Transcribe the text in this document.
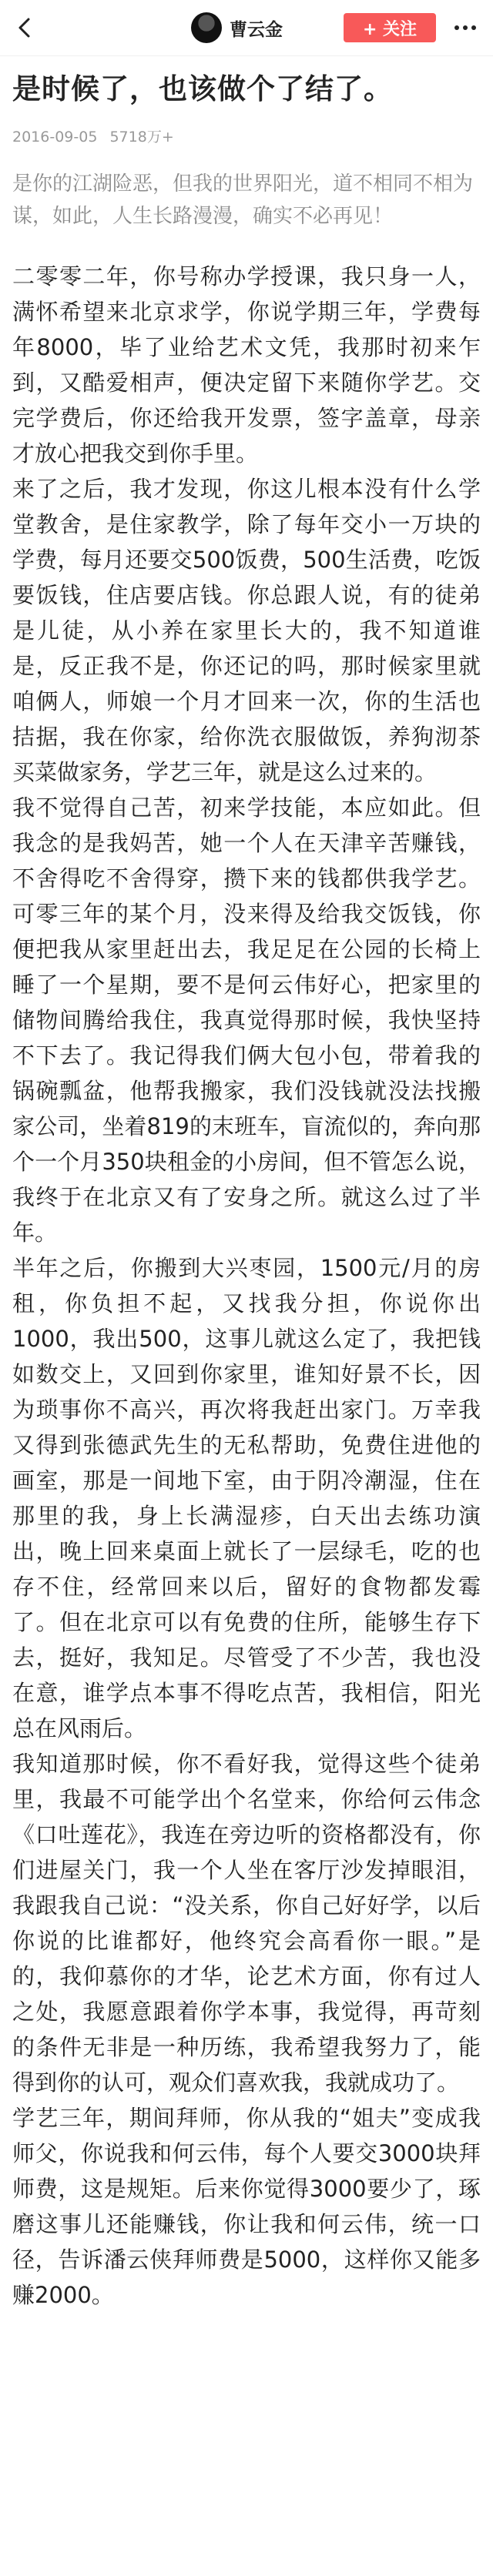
曹云金	+ 关注
是时候了，也该做个了结了。
2016-09-05 5718万+
是你的江湖险恶，但我的世界阳光，道不相同不相为谋，如此，人生长路漫漫，确实不必再见！

二零零二年，你号称办学授课，我只身一人，满怀希望来北京求学，你说学期三年，学费每年8000，毕了业给艺术文凭，我那时初来乍到，又酷爱相声，便决定留下来随你学艺。交完学费后，你还给我开发票，签字盖章，母亲才放心把我交到你手里。

来了之后，我才发现，你这儿根本没有什么学堂教舍，是住家教学，除了每年交小一万块的学费，每月还要交500饭费，500生活费，吃饭要饭钱，住店要店钱。你总跟人说，有的徒弟是儿徒，从小养在家里长大的，我不知道谁是，反正我不是，你还记的吗，那时候家里就咱俩人，师娘一个月才回来一次，你的生活也拮据，我在你家，给你洗衣服做饭，养狗沏茶买菜做家务，学艺三年，就是这么过来的。

我不觉得自己苦，初来学技能，本应如此。但我念的是我妈苦，她一个人在天津辛苦赚钱，不舍得吃不舍得穿，攒下来的钱都供我学艺。可零三年的某个月，没来得及给我交饭钱，你便把我从家里赶出去，我足足在公园的长椅上睡了一个星期，要不是何云伟好心，把家里的储物间腾给我住，我真觉得那时候，我快坚持不下去了。我记得我们俩大包小包，带着我的锅碗瓢盆，他帮我搬家，我们没钱就没法找搬家公司，坐着819的末班车，盲流似的，奔向那个一个月350块租金的小房间，但不管怎么说，我终于在北京又有了安身之所。就这么过了半年。

半年之后，你搬到大兴枣园，1500元/月的房租，你负担不起，又找我分担，你说你出1000，我出500，这事儿就这么定了，我把钱如数交上，又回到你家里，谁知好景不长，因为琐事你不高兴，再次将我赶出家门。万幸我又得到张德武先生的无私帮助，免费住进他的画室，那是一间地下室，由于阴冷潮湿，住在那里的我，身上长满湿疹，白天出去练功演出，晚上回来桌面上就长了一层绿毛，吃的也存不住，经常回来以后，留好的食物都发霉了。但在北京可以有免费的住所，能够生存下去，挺好，我知足。尽管受了不少苦，我也没在意，谁学点本事不得吃点苦，我相信，阳光总在风雨后。

我知道那时候，你不看好我，觉得这些个徒弟里，我最不可能学出个名堂来，你给何云伟念《口吐莲花》，我连在旁边听的资格都没有，你们进屋关门，我一个人坐在客厅沙发掉眼泪，我跟我自己说：“没关系，你自己好好学，以后你说的比谁都好，他终究会高看你一眼。”是的，我仰慕你的才华，论艺术方面，你有过人之处，我愿意跟着你学本事，我觉得，再苛刻的条件无非是一种历练，我希望我努力了，能得到你的认可，观众们喜欢我，我就成功了。

学艺三年，期间拜师，你从我的“姐夫”变成我师父，你说我和何云伟，每个人要交3000块拜师费，这是规矩。后来你觉得3000要少了，琢磨这事儿还能赚钱，你让我和何云伟，统一口径，告诉潘云侠拜师费是5000，这样你又能多赚2000。
